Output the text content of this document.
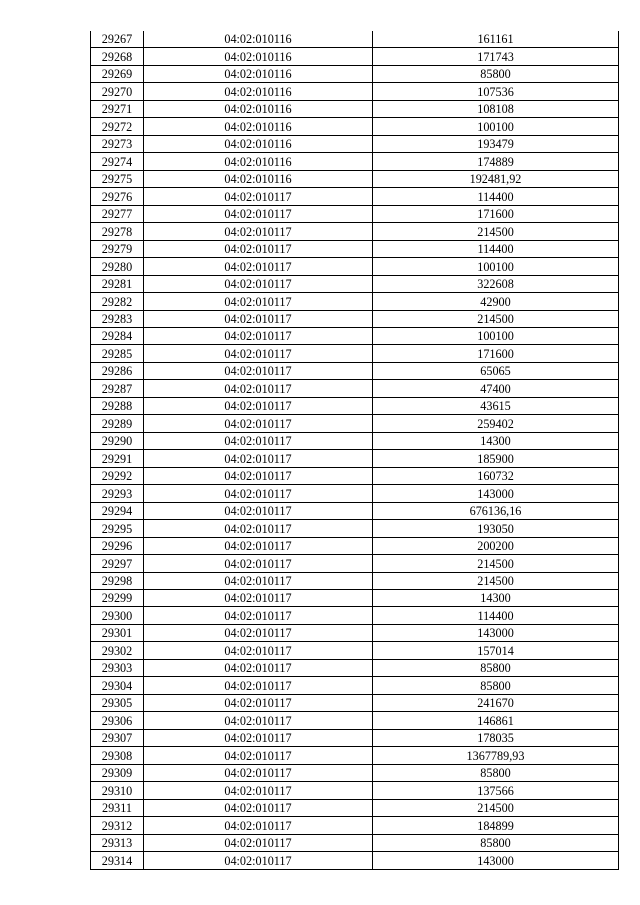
29267	04:02:010116	161161
29268	04:02:010116	171743
29269	04:02:010116	85800
29270	04:02:010116	107536
29271	04:02:010116	108108
29272	04:02:010116	100100
29273	04:02:010116	193479
29274	04:02:010116	174889
29275	04:02:010116	192481,92
29276	04:02:010117	114400
29277	04:02:010117	171600
29278	04:02:010117	214500
29279	04:02:010117	114400
29280	04:02:010117	100100
29281	04:02:010117	322608
29282	04:02:010117	42900
29283	04:02:010117	214500
29284	04:02:010117	100100
29285	04:02:010117	171600
29286	04:02:010117	65065
29287	04:02:010117	47400
29288	04:02:010117	43615
29289	04:02:010117	259402
29290	04:02:010117	14300
29291	04:02:010117	185900
29292	04:02:010117	160732
29293	04:02:010117	143000
29294	04:02:010117	676136,16
29295	04:02:010117	193050
29296	04:02:010117	200200
29297	04:02:010117	214500
29298	04:02:010117	214500
29299	04:02:010117	14300
29300	04:02:010117	114400
29301	04:02:010117	143000
29302	04:02:010117	157014
29303	04:02:010117	85800
29304	04:02:010117	85800
29305	04:02:010117	241670
29306	04:02:010117	146861
29307	04:02:010117	178035
29308	04:02:010117	1367789,93
29309	04:02:010117	85800
29310	04:02:010117	137566
29311	04:02:010117	214500
29312	04:02:010117	184899
29313	04:02:010117	85800
29314	04:02:010117	143000
